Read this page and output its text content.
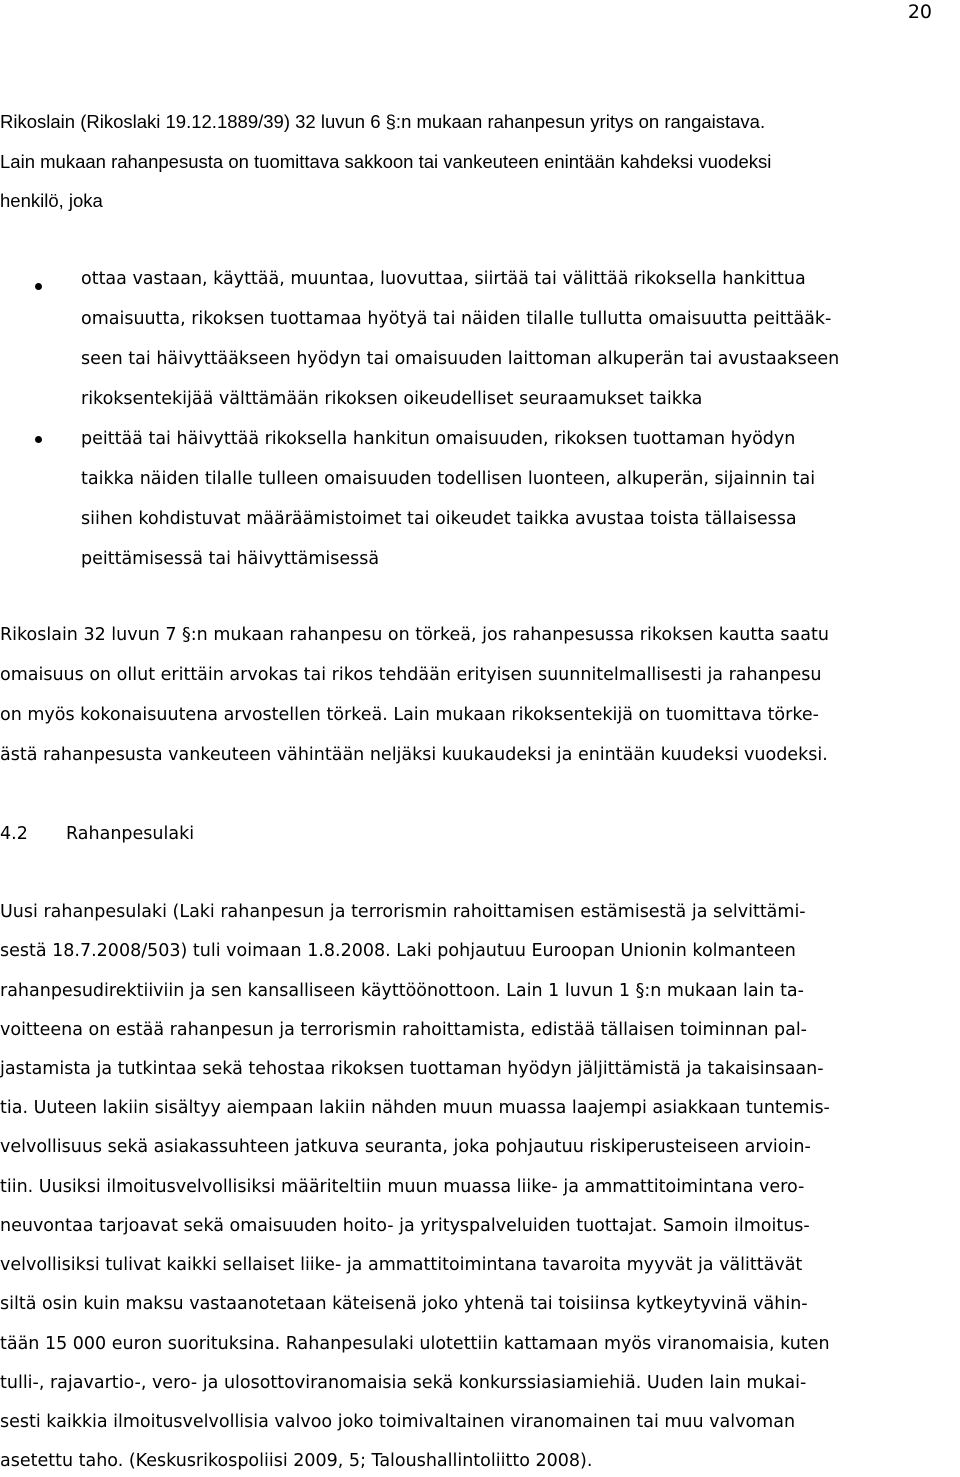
20
Rikoslain (Rikoslaki 19.12.1889/39) 32 luvun 6 §:n mukaan rahanpesun yritys on rangaistava.
Lain mukaan rahanpesusta on tuomittava sakkoon tai vankeuteen enintään kahdeksi vuodeksi
henkilö, joka
ottaa vastaan, käyttää, muuntaa, luovuttaa, siirtää tai välittää rikoksella hankittua
omaisuutta, rikoksen tuottamaa hyötyä tai näiden tilalle tullutta omaisuutta peittääk-
seen tai häivyttääkseen hyödyn tai omaisuuden laittoman alkuperän tai avustaakseen
rikoksentekijää välttämään rikoksen oikeudelliset seuraamukset taikka
peittää tai häivyttää rikoksella hankitun omaisuuden, rikoksen tuottaman hyödyn
taikka näiden tilalle tulleen omaisuuden todellisen luonteen, alkuperän, sijainnin tai
siihen kohdistuvat määräämistoimet tai oikeudet taikka avustaa toista tällaisessa
peittämisessä tai häivyttämisessä
Rikoslain 32 luvun 7 §:n mukaan rahanpesu on törkeä, jos rahanpesussa rikoksen kautta saatu
omaisuus on ollut erittäin arvokas tai rikos tehdään erityisen suunnitelmallisesti ja rahanpesu
on myös kokonaisuutena arvostellen törkeä. Lain mukaan rikoksentekijä on tuomittava törke-
ästä rahanpesusta vankeuteen vähintään neljäksi kuukaudeksi ja enintään kuudeksi vuodeksi.
4.2 Rahanpesulaki
Uusi rahanpesulaki (Laki rahanpesun ja terrorismin rahoittamisen estämisestä ja selvittämi-
sestä 18.7.2008/503) tuli voimaan 1.8.2008. Laki pohjautuu Euroopan Unionin kolmanteen
rahanpesudirektiiviin ja sen kansalliseen käyttöönottoon. Lain 1 luvun 1 §:n mukaan lain ta-
voitteena on estää rahanpesun ja terrorismin rahoittamista, edistää tällaisen toiminnan pal-
jastamista ja tutkintaa sekä tehostaa rikoksen tuottaman hyödyn jäljittämistä ja takaisinsaan-
tia. Uuteen lakiin sisältyy aiempaan lakiin nähden muun muassa laajempi asiakkaan tuntemis-
velvollisuus sekä asiakassuhteen jatkuva seuranta, joka pohjautuu riskiperusteiseen arvioin-
tiin. Uusiksi ilmoitusvelvollisiksi määriteltiin muun muassa liike- ja ammattitoimintana vero-
neuvontaa tarjoavat sekä omaisuuden hoito- ja yrityspalveluiden tuottajat. Samoin ilmoitus-
velvollisiksi tulivat kaikki sellaiset liike- ja ammattitoimintana tavaroita myyvät ja välittävät
siltä osin kuin maksu vastaanotetaan käteisenä joko yhtenä tai toisiinsa kytkeytyvinä vähin-
tään 15 000 euron suorituksina. Rahanpesulaki ulotettiin kattamaan myös viranomaisia, kuten
tulli-, rajavartio-, vero- ja ulosottoviranomaisia sekä konkurssiasiamiehiä. Uuden lain mukai-
sesti kaikkia ilmoitusvelvollisia valvoo joko toimivaltainen viranomainen tai muu valvoman
asetettu taho. (Keskusrikospoliisi 2009, 5; Taloushallintoliitto 2008).
